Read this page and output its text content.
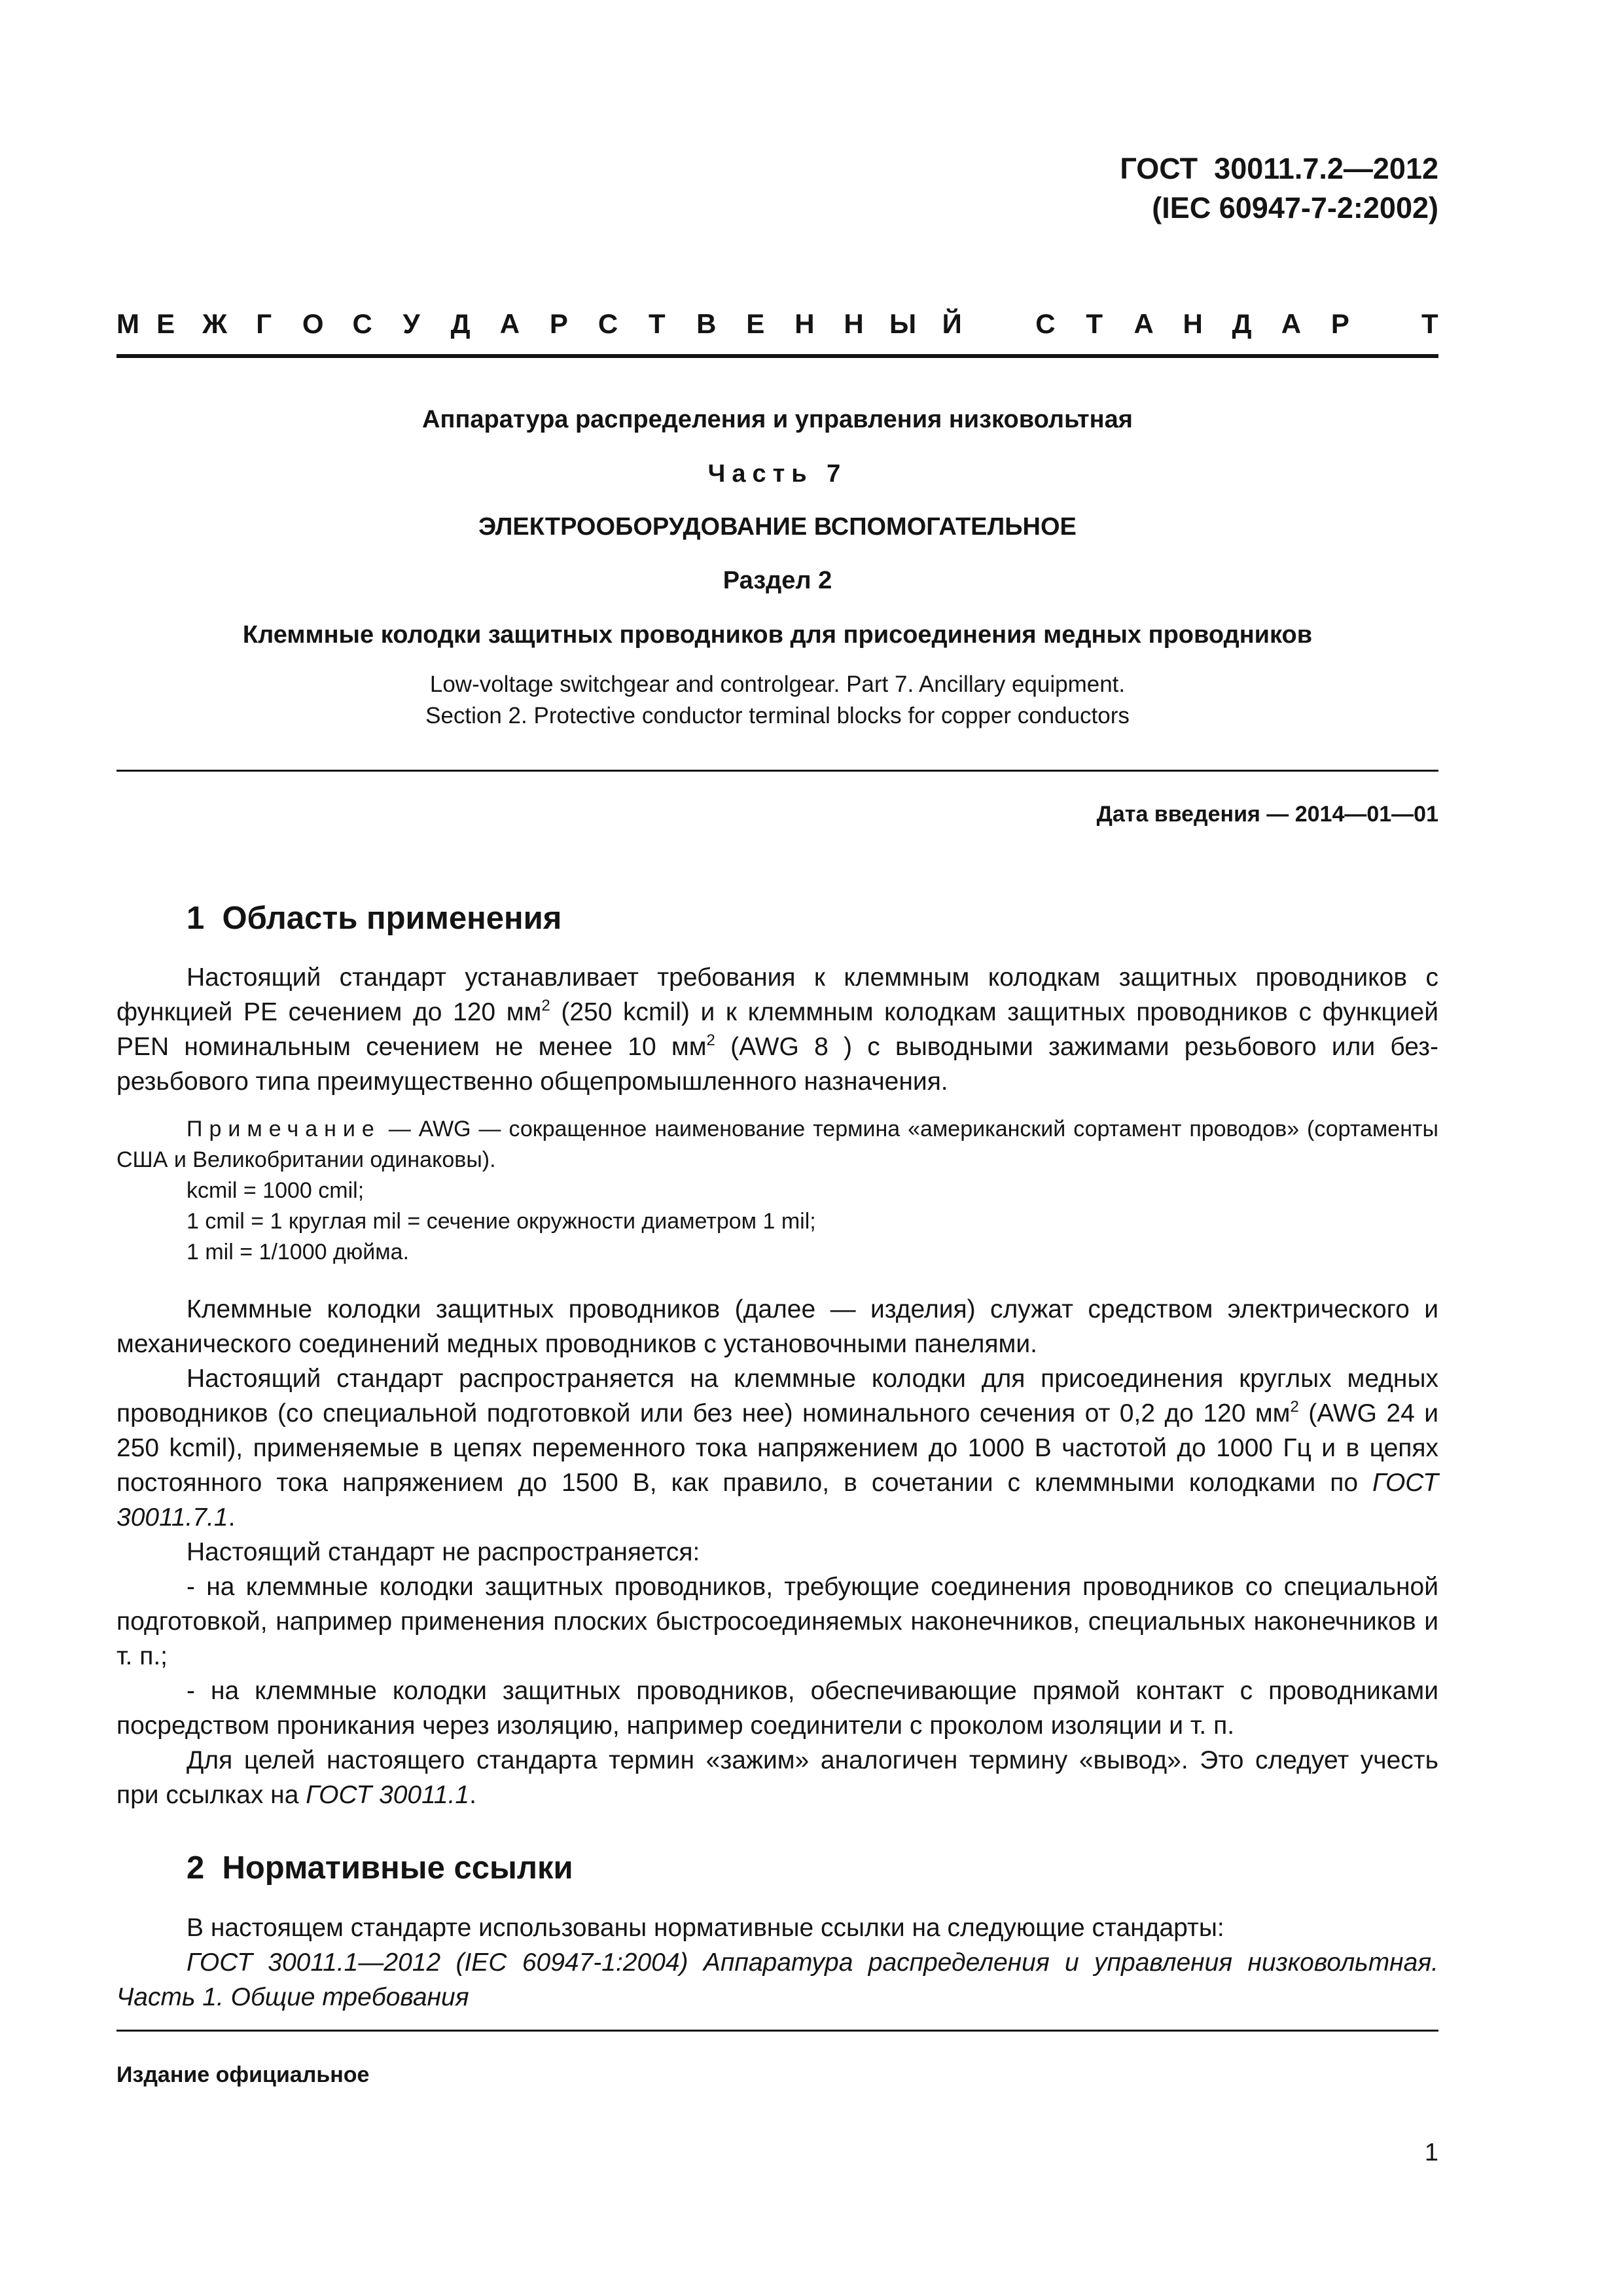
ГОСТ  30011.7.2—2012
(IEC 60947-7-2:2002)
М Е Ж Г О С У Д А Р С Т В Е Н Н Ы Й	С Т А Н Д А Р	Т
Аппаратура распределения и управления низковольтная
Часть 7
ЭЛЕКТРООБОРУДОВАНИЕ ВСПОМОГАТЕЛЬНОЕ
Раздел 2
Клеммные колодки защитных проводников для присоединения медных проводников
Low-voltage switchgear and controlgear. Part 7. Ancillary equipment.
Section 2. Protective conductor terminal blocks for copper conductors
Дата введения — 2014—01—01
1  Область применения

Настоящий стандарт устанавливает требования к клеммным колодкам защитных проводников с функцией PE сечением до 120 $мм^2$ (250 kcmil) и к клеммным колодкам защитных проводников с функцией PEN номинальным сечением не менее 10 $мм^2$ (AWG 8 ) с выводными зажимами резьбового или безрезьбового типа преимущественно общепромышленного назначения.

Примечание — AWG — сокращенное наименование термина «американский сортамент проводов» (сортаменты США и Великобритании одинаковы).

kcmil = 1000 cmil;

1 cmil = 1 круглая mil = сечение окружности диаметром 1 mil;

1 mil = 1/1000 дюйма.

Клеммные колодки защитных проводников (далее — изделия) служат средством электрического и механического соединений медных проводников с установочными панелями.

Настоящий стандарт распространяется на клеммные колодки для присоединения круглых медных проводников (со специальной подготовкой или без нее) номинального сечения от 0,2 до 120 $мм^2$ (AWG 24 и 250 kcmil), применяемые в цепях переменного тока напряжением до 1000 В частотой до 1000 Гц и в цепях постоянного тока напряжением до 1500 В, как правило, в сочетании с клеммными колодками по ГОСТ 30011.7.1.

Настоящий стандарт не распространяется:

- на клеммные колодки защитных проводников, требующие соединения проводников со специальной подготовкой, например применения плоских быстросоединяемых наконечников, специальных наконечников и т. п.;

- на клеммные колодки защитных проводников, обеспечивающие прямой контакт с проводниками посредством проникания через изоляцию, например соединители с проколом изоляции и т. п.

Для целей настоящего стандарта термин «зажим» аналогичен термину «вывод». Это следует учесть при ссылках на ГОСТ 30011.1.

2  Нормативные ссылки

В настоящем стандарте использованы нормативные ссылки на следующие стандарты:

ГОСТ 30011.1—2012 (IEC 60947-1:2004) Аппаратура распределения и управления низковольтная. Часть 1. Общие требования

Издание официальное
1
